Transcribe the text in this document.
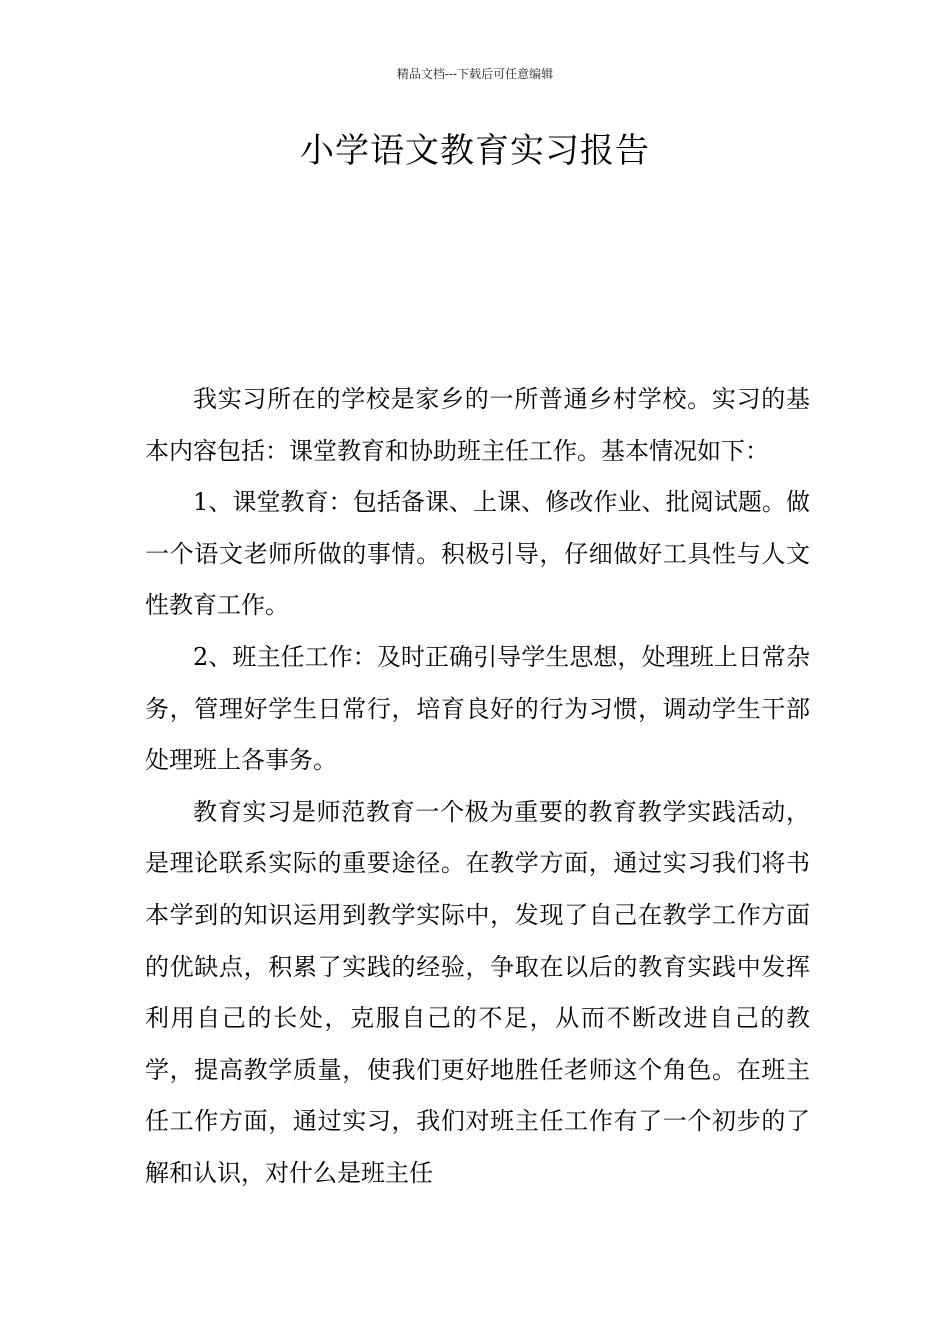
精品文档---下载后可任意编辑
小学语文教育实习报告

我实习所在的学校是家乡的一所普通乡村学校。实习的基本内容包括：课堂教育和协助班主任工作。基本情况如下：

1、课堂教育：包括备课、上课、修改作业、批阅试题。做一个语文老师所做的事情。积极引导，仔细做好工具性与人文性教育工作。

2、班主任工作：及时正确引导学生思想，处理班上日常杂务，管理好学生日常行，培育良好的行为习惯，调动学生干部处理班上各事务。

教育实习是师范教育一个极为重要的教育教学实践活动，是理论联系实际的重要途径。在教学方面，通过实习我们将书本学到的知识运用到教学实际中，发现了自己在教学工作方面的优缺点，积累了实践的经验，争取在以后的教育实践中发挥利用自己的长处，克服自己的不足，从而不断改进自己的教学，提高教学质量，使我们更好地胜任老师这个角色。在班主任工作方面，通过实习，我们对班主任工作有了一个初步的了解和认识，对什么是班主任
